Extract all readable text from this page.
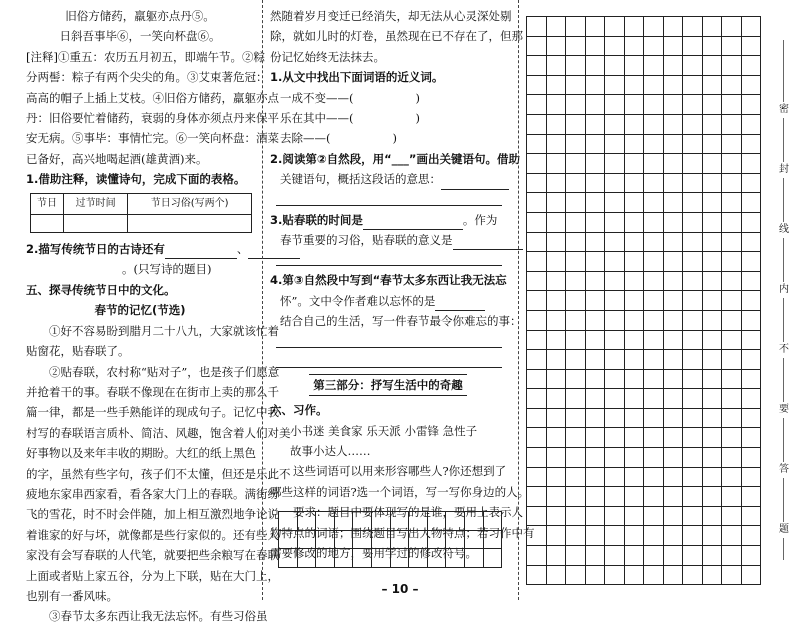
旧俗方储药，羸躯亦点丹⑤。
日斜吾事毕⑥，一笑向杯盘⑥。
[注释]①重五：农历五月初五，即端午节。②粽
分两髻：粽子有两个尖尖的角。③艾束著危冠：
高高的帽子上插上艾枝。④旧俗方储药，羸躯亦点
丹：旧俗要忙着储药，衰弱的身体亦须点丹来保平
安无病。⑤事毕：事情忙完。⑥一笑向杯盘：酒菜
已备好，高兴地喝起酒(雄黄酒)来。
1.借助注释，读懂诗句，完成下面的表格。
节日	过节时间	节日习俗(写两个)

2.描写传统节日的古诗还有	、
。(只写诗的题目)
五、探寻传统节日中的文化。
春节的记忆(节选)
①好不容易盼到腊月二十八九，大家就该忙着
贴窗花，贴春联了。
②贴春联，农村称“贴对子”，也是孩子们愿意
并抢着干的事。春联不像现在在街市上卖的那么千
篇一律，都是一些手熟能详的现成句子。记忆中我
村写的春联语言质朴、简洁、风趣，饱含着人们对美
好事物以及来年丰收的期盼。大红的纸上黑色
的字，虽然有些字句，孩子们不太懂，但还是乐此不
疲地东家串西家看，看各家大门上的春联。满街纷
飞的雪花，时不时会伴随，加上相互激烈地争论说
着谁家的好与坏，就像都是些行家似的。还有些人
家没有会写春联的人代笔，就要把些余粮写在春联
上面或者贴上家五谷，分为上下联，贴在大门上，
也别有一番风味。
③春节太多东西让我无法忘怀。有些习俗虽
然随着岁月变迁已经消失，却无法从心灵深处剔
除，就如儿时的灯卷，虽然现在已不存在了，但那
份记忆始终无法抹去。
1.从文中找出下面词语的近义词。
一成不变——(	)
乐在其中——(	)
去除——(	)
2.阅读第②自然段，用“___”画出关键语句。借助
关键语句，概括这段话的意思：
3.贴春联的时间是	。作为
春节重要的习俗，贴春联的意义是
4.第③自然段中写到“春节太多东西让我无法忘
怀”。文中令作者难以忘怀的是
结合自己的生活，写一件春节最令你难忘的事：
第三部分：抒写生活中的奇趣
六、习作。
小书迷 美食家 乐天派 小雷锋 急性子
故事小达人……
这些词语可以用来形容哪些人?你还想到了
哪些这样的词语?选一个词语，写一写你身边的人。
要求：题目中要体现写的是谁，要用上表示人
物特点的词语；围绕题目写出人物特点；若习作中有
需要修改的地方，要用学过的修改符号。
密
封
线
内
不
要
答
题
– 10 –
